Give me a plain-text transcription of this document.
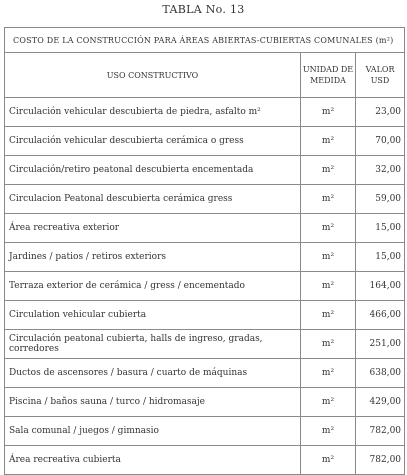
TABLA No. 13
COSTO DE LA CONSTRUCCIÓN PARA ÁREAS ABIERTAS-CUBIERTAS COMUNALES (m²)		
USO CONSTRUCTIVO	UNIDAD DE MEDIDA	VALOR USD
Circulación vehicular descubierta de piedra, asfalto m²	m²	23,00
Circulación vehicular descubierta cerámica o gress	m²	70,00
Circulación/retiro peatonal descubierta encementada	m²	32,00
Circulacion Peatonal descubierta cerámica gress	m²	59,00
Área recreativa exterior	m²	15,00
Jardines / patios / retiros exteriors	m²	15,00
Terraza exterior de cerámica / gress / encementado	m²	164,00
Circulation vehicular cubierta	m²	466,00
Circulación peatonal cubierta, halls de ingreso, gradas, corredores	m²	251,00
Ductos de ascensores / basura / cuarto de máquinas	m²	638,00
Piscina / baños sauna / turco / hidromasaje	m²	429,00
Sala comunal / juegos / gimnasio	m²	782,00
Área recreativa cubierta	m²	782,00
